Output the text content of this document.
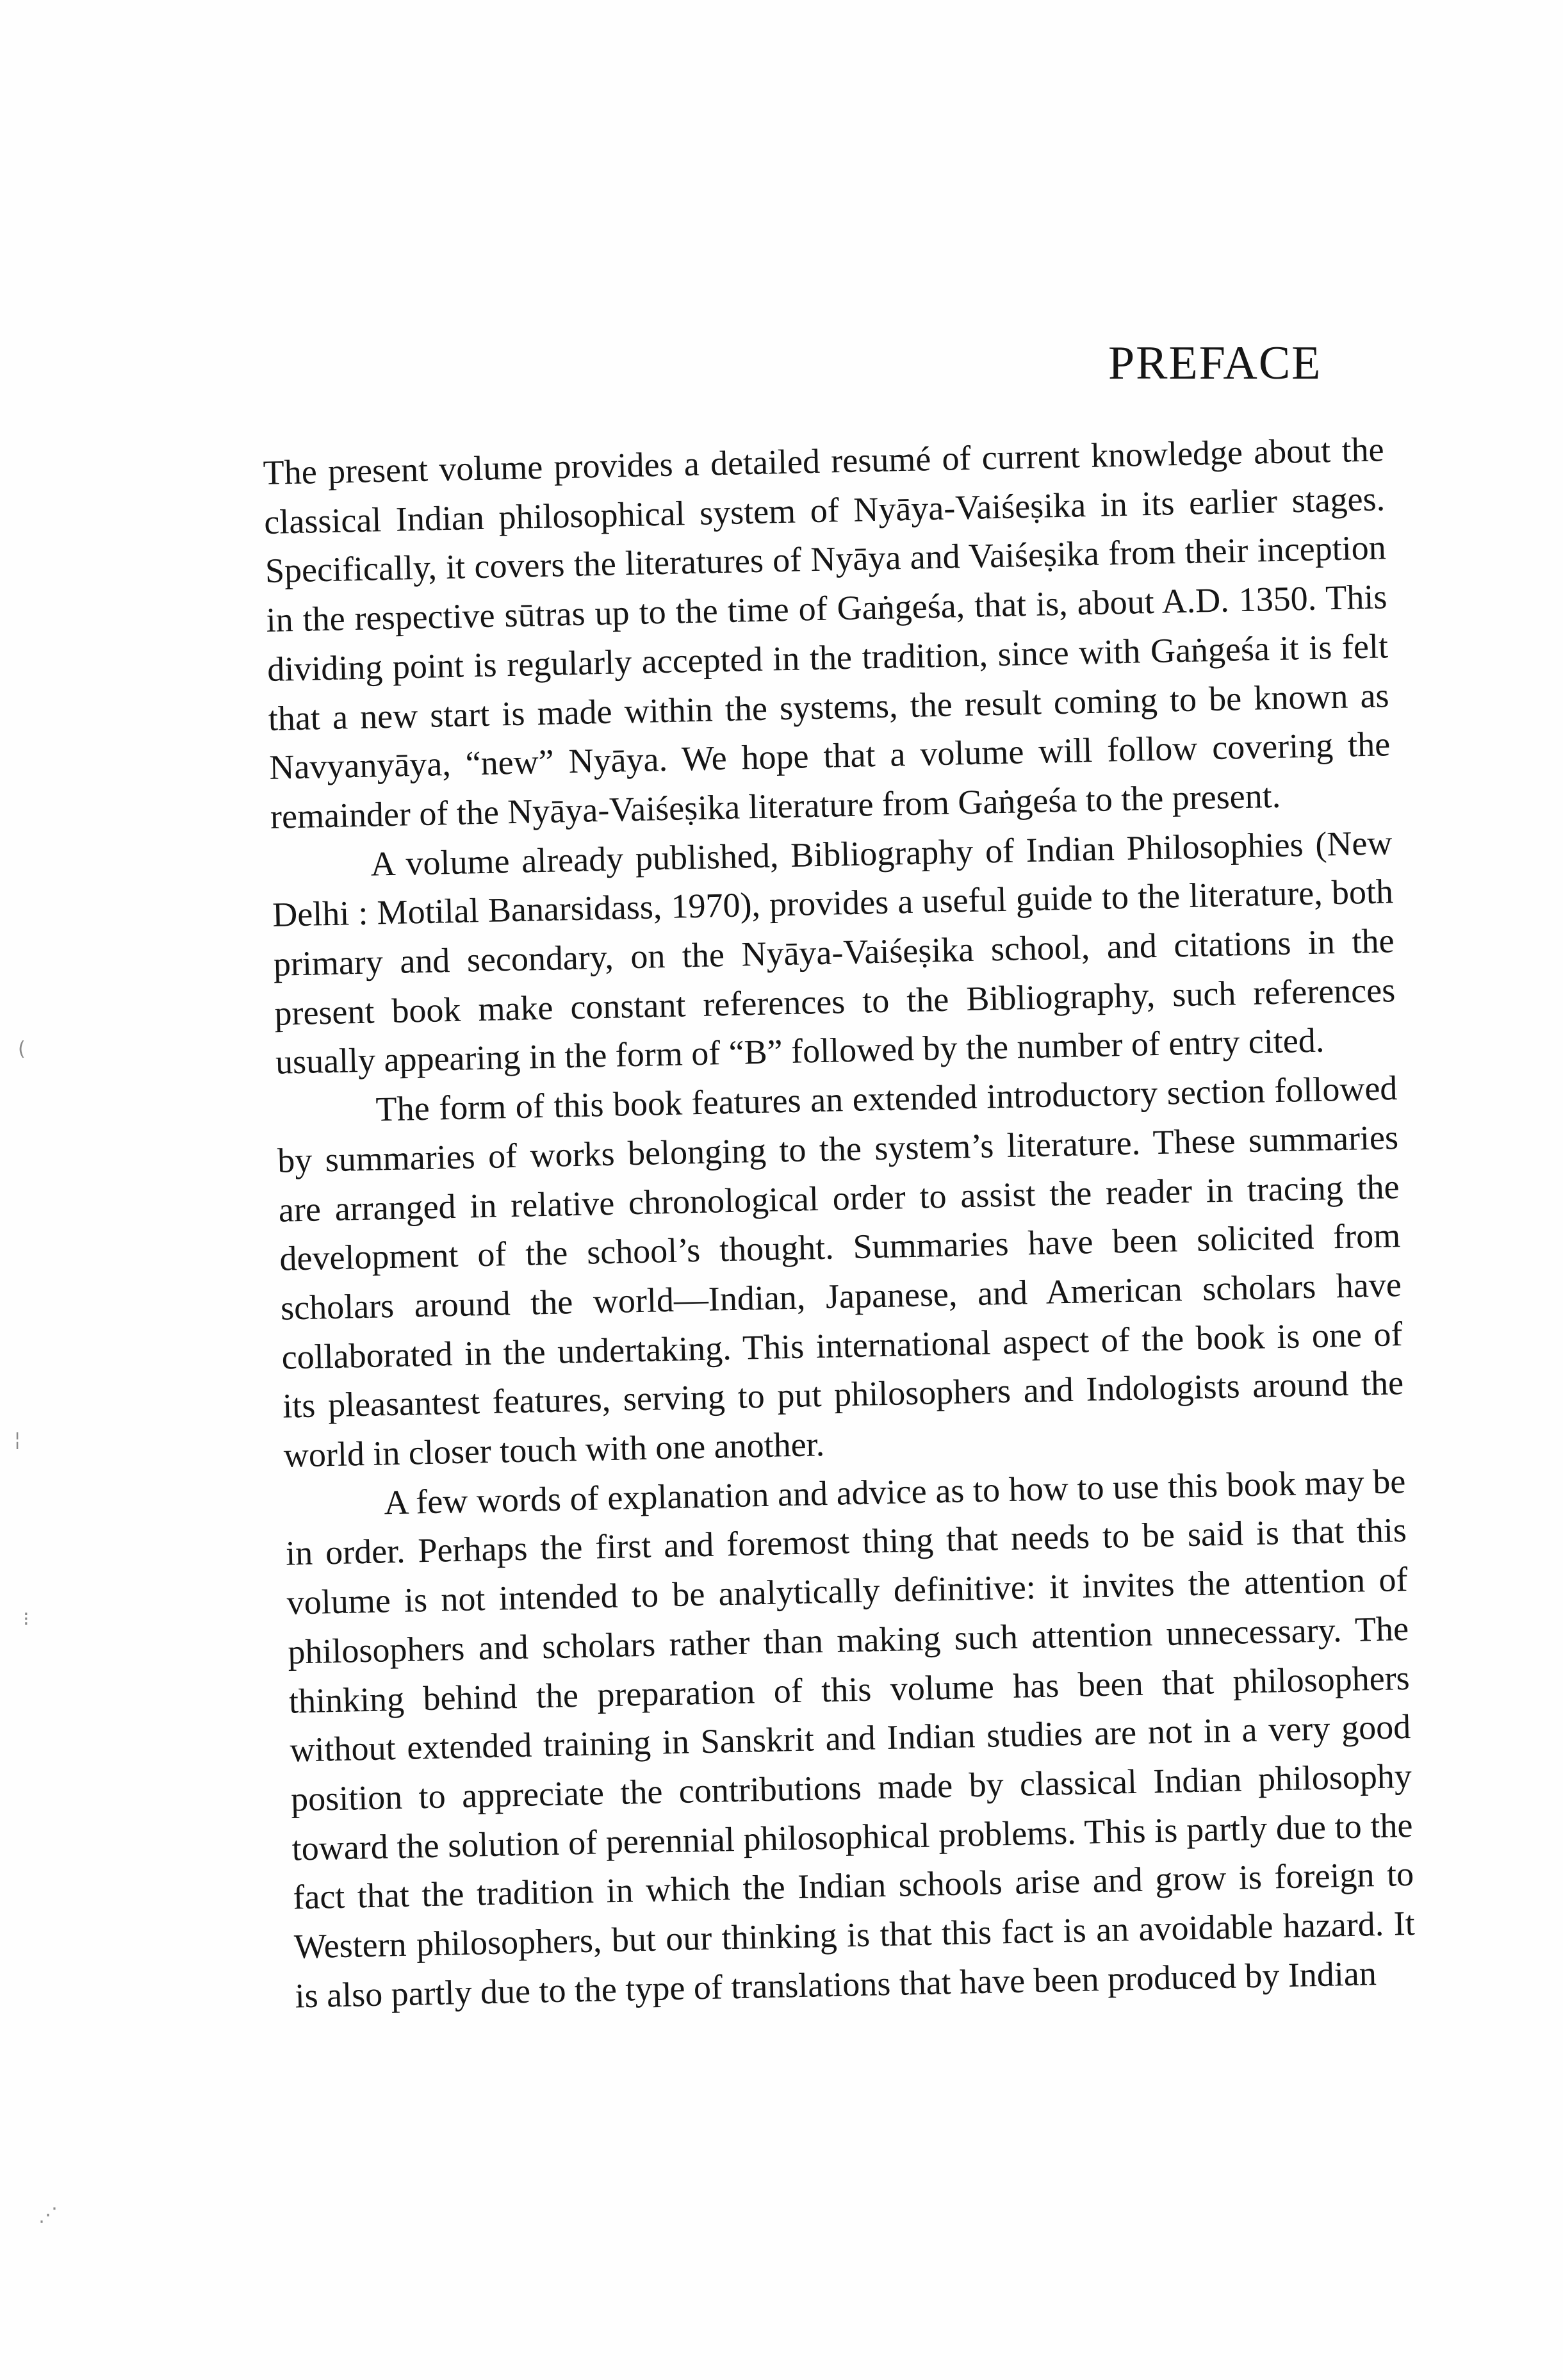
PREFACE

The present volume provides a detailed resumé of current knowledge about the classical Indian philosophical system of Nyāya-Vaiśeṣika in its earlier stages. Specifically, it covers the literatures of Nyāya and Vaiśeṣika from their inception in the respective sūtras up to the time of Gaṅgeśa, that is, about A.D. 1350. This dividing point is regularly accepted in the tradition, since with Gaṅgeśa it is felt that a new start is made within the systems, the result coming to be known as Navyanyāya, “new” Nyāya. We hope that a volume will follow covering the remainder of the Nyāya-Vaiśeṣika literature from Gaṅgeśa to the present.

A volume already published, Bibliography of Indian Philosophies (New Delhi : Motilal Banarsidass, 1970), provides a useful guide to the literature, both primary and secondary, on the Nyāya-Vaiśeṣika school, and citations in the present book make constant references to the Bibliography, such references usually appearing in the form of “B” followed by the number of entry cited.

The form of this book features an extended introductory section followed by summaries of works belonging to the system’s literature. These summaries are arranged in relative chronological order to assist the reader in tracing the development of the school’s thought. Summaries have been solicited from scholars around the world—Indian, Japanese, and American scholars have collaborated in the undertaking. This international aspect of the book is one of its pleasantest features, serving to put philosophers and Indologists around the world in closer touch with one another.

A few words of explanation and advice as to how to use this book may be in order. Perhaps the first and foremost thing that needs to be said is that this volume is not intended to be analytically definitive: it invites the attention of philosophers and scholars rather than making such attention unnecessary. The thinking behind the preparation of this volume has been that philosophers without extended training in Sanskrit and Indian studies are not in a very good position to appreciate the contributions made by classical Indian philosophy toward the solution of perennial philosophical problems. This is partly due to the fact that the tradition in which the Indian schools arise and grow is foreign to Western philosophers, but our thinking is that this fact is an avoidable hazard. It is also partly due to the type of translations that have been produced by Indian

(
¦
⁝
⋰
